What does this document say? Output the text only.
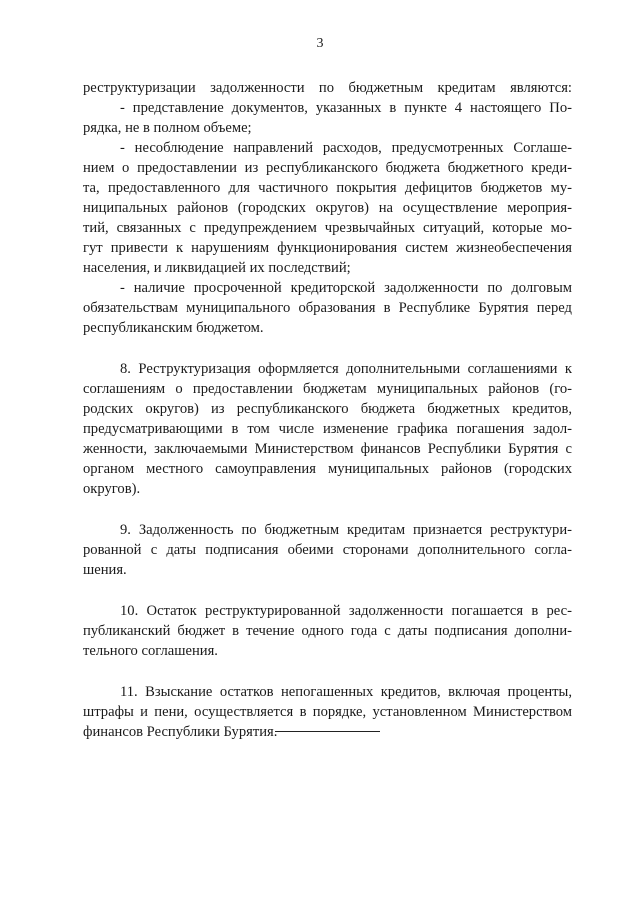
3
реструктуризации задолженности по бюджетным кредитам являются:
- представление документов, указанных в пункте 4 настоящего По-
рядка, не в полном объеме;
- несоблюдение направлений расходов, предусмотренных Соглаше-
нием о предоставлении из республиканского бюджета бюджетного креди-
та, предоставленного для частичного покрытия дефицитов бюджетов му-
ниципальных районов (городских округов) на осуществление мероприя-
тий, связанных с предупреждением чрезвычайных ситуаций, которые мо-
гут привести к нарушениям функционирования систем жизнеобеспечения
населения, и ликвидацией их последствий;
- наличие просроченной кредиторской задолженности по долговым
обязательствам муниципального образования в Республике Бурятия перед
республиканским бюджетом.
8. Реструктуризация оформляется дополнительными соглашениями к
соглашениям о предоставлении бюджетам муниципальных районов (го-
родских округов) из республиканского бюджета бюджетных кредитов,
предусматривающими в том числе изменение графика погашения задол-
женности, заключаемыми Министерством финансов Республики Бурятия с
органом местного самоуправления муниципальных районов (городских
округов).
9. Задолженность по бюджетным кредитам признается реструктури-
рованной с даты подписания обеими сторонами дополнительного согла-
шения.
10. Остаток реструктурированной задолженности погашается в рес-
публиканский бюджет в течение одного года с даты подписания дополни-
тельного соглашения.
11. Взыскание остатков непогашенных кредитов, включая проценты,
штрафы и пени, осуществляется в порядке, установленном Министерством
финансов Республики Бурятия.
